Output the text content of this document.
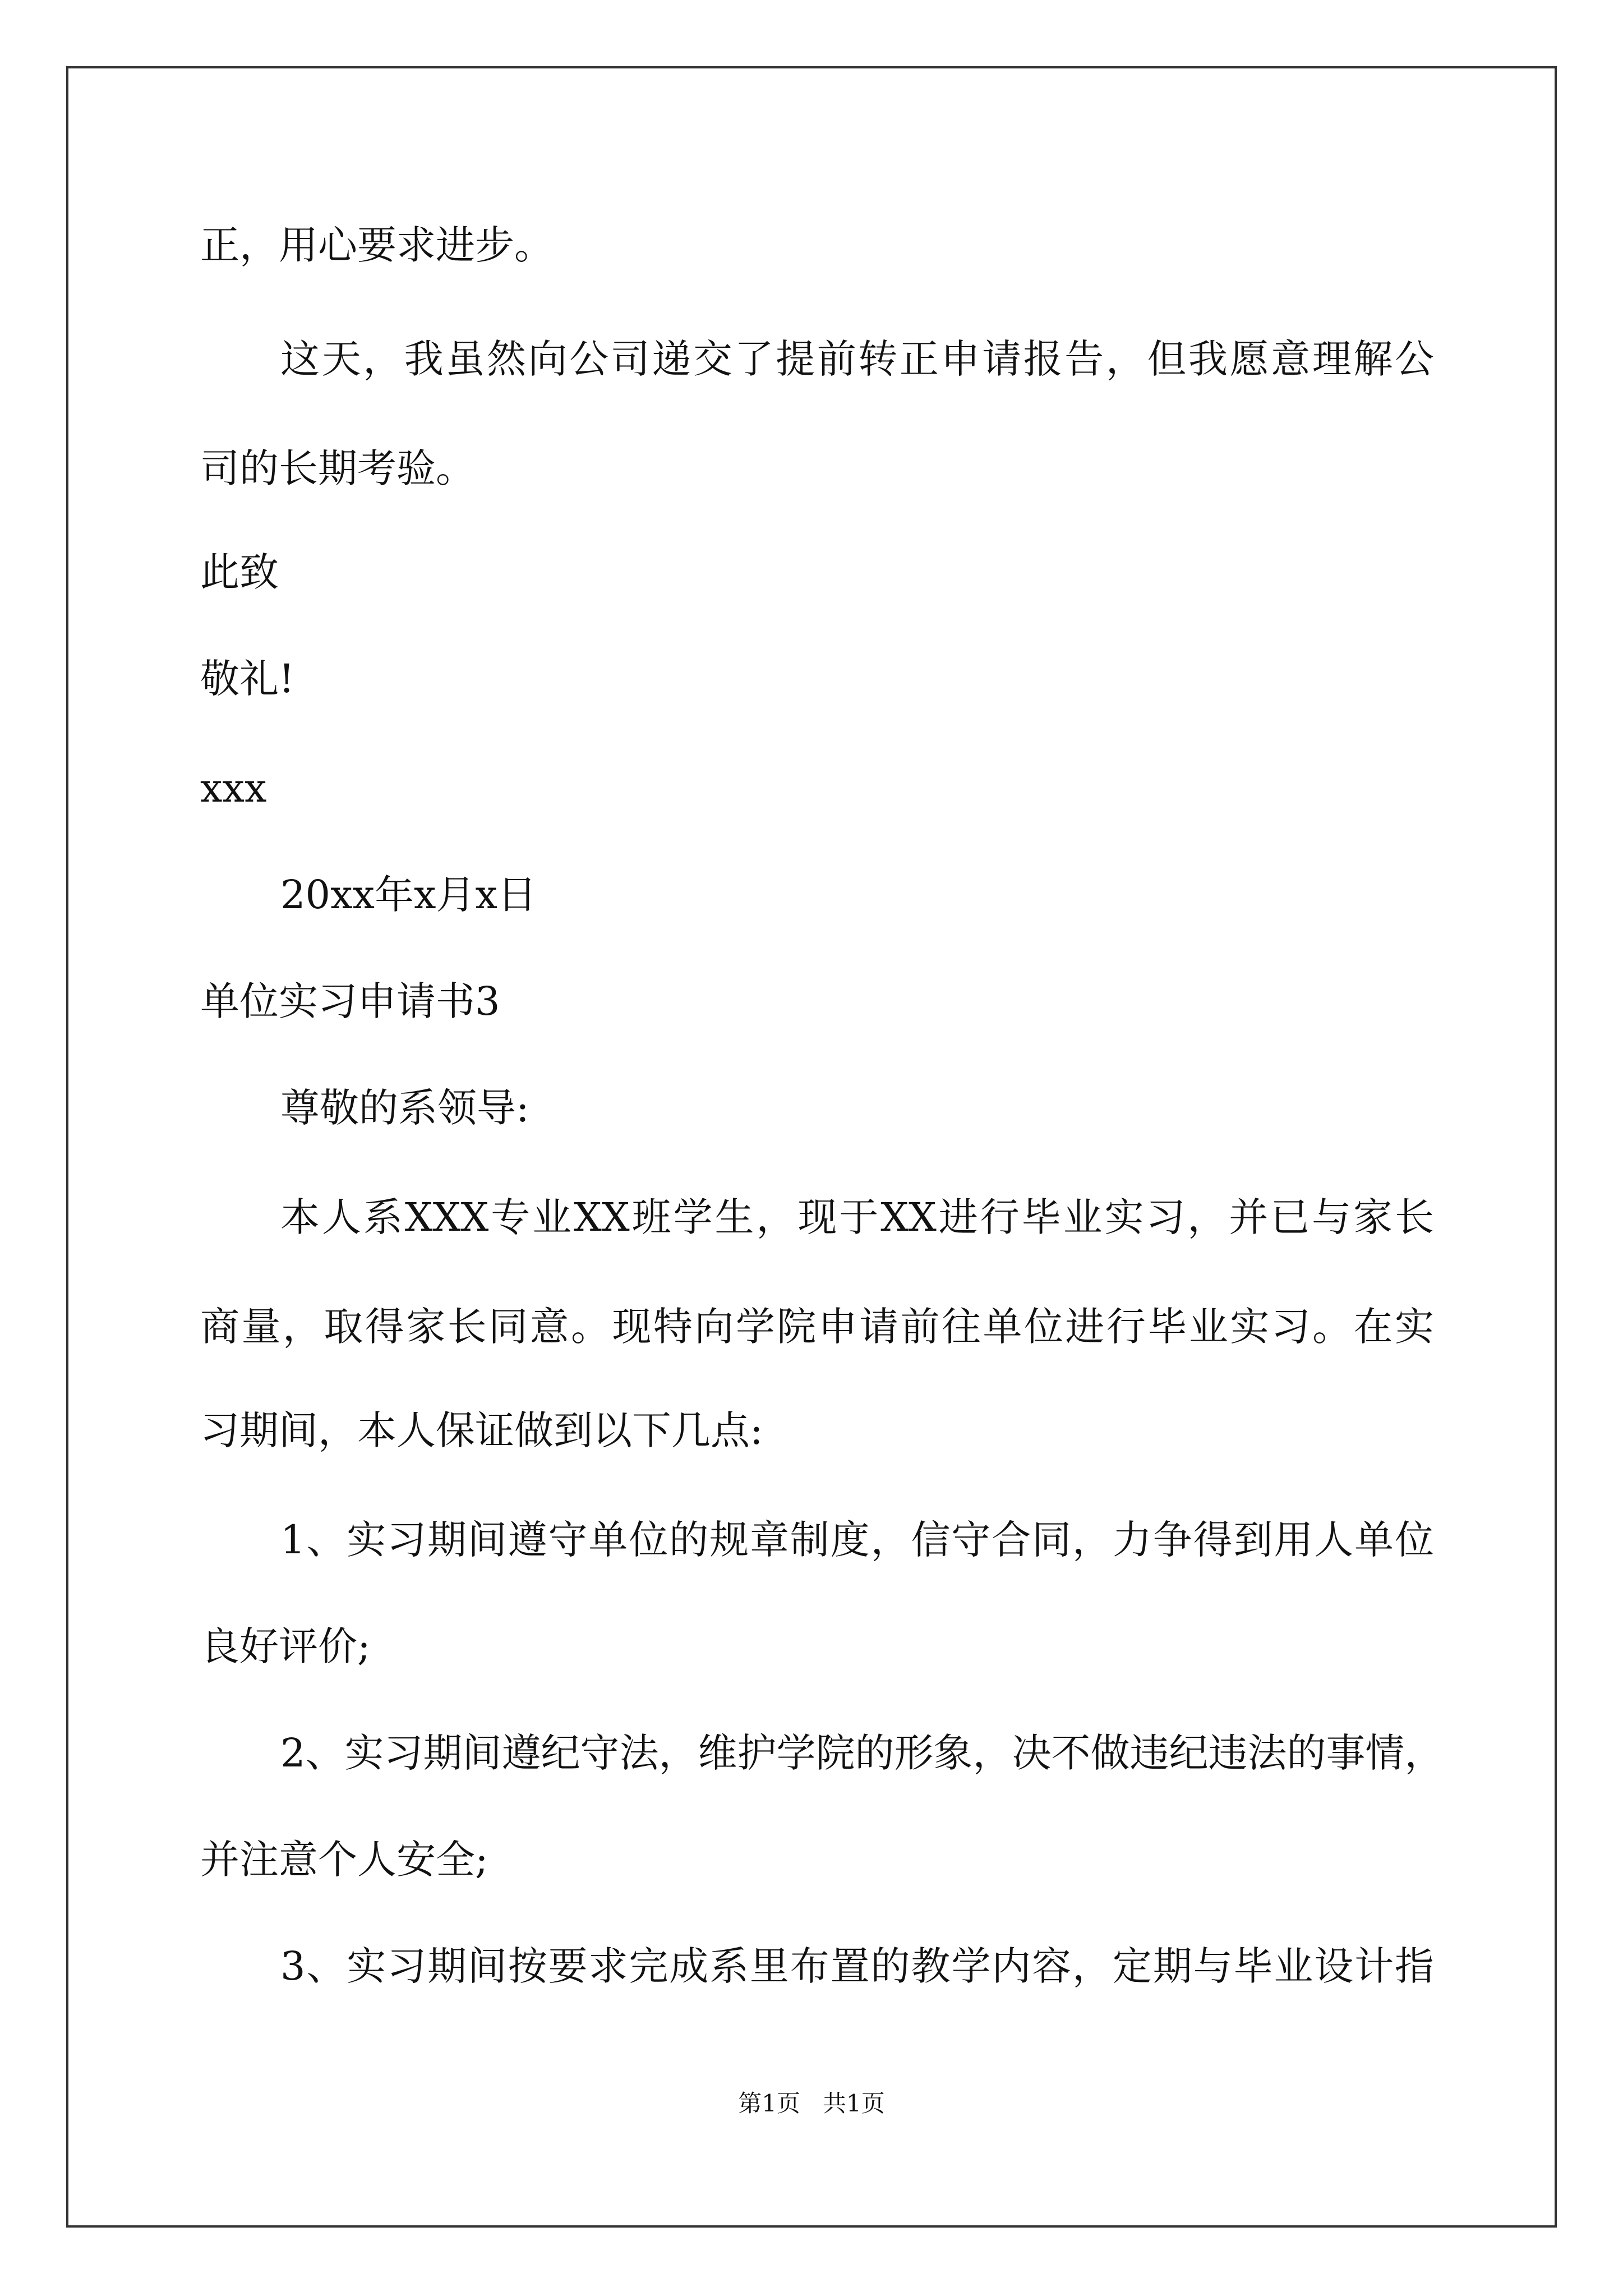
正，用心要求进步。
这天，我虽然向公司递交了提前转正申请报告，但我愿意理解公
司的长期考验。
此致
敬礼!
xxx
20xx年x月x日
单位实习申请书3
尊敬的系领导:
本人系XXX专业XX班学生，现于XX进行毕业实习，并已与家长
商量，取得家长同意。现特向学院申请前往单位进行毕业实习。在实
习期间，本人保证做到以下几点:
1、实习期间遵守单位的规章制度，信守合同，力争得到用人单位
良好评价;
2、实习期间遵纪守法，维护学院的形象，决不做违纪违法的事情，
并注意个人安全;
3、实习期间按要求完成系里布置的教学内容，定期与毕业设计指
第1页   共1页
